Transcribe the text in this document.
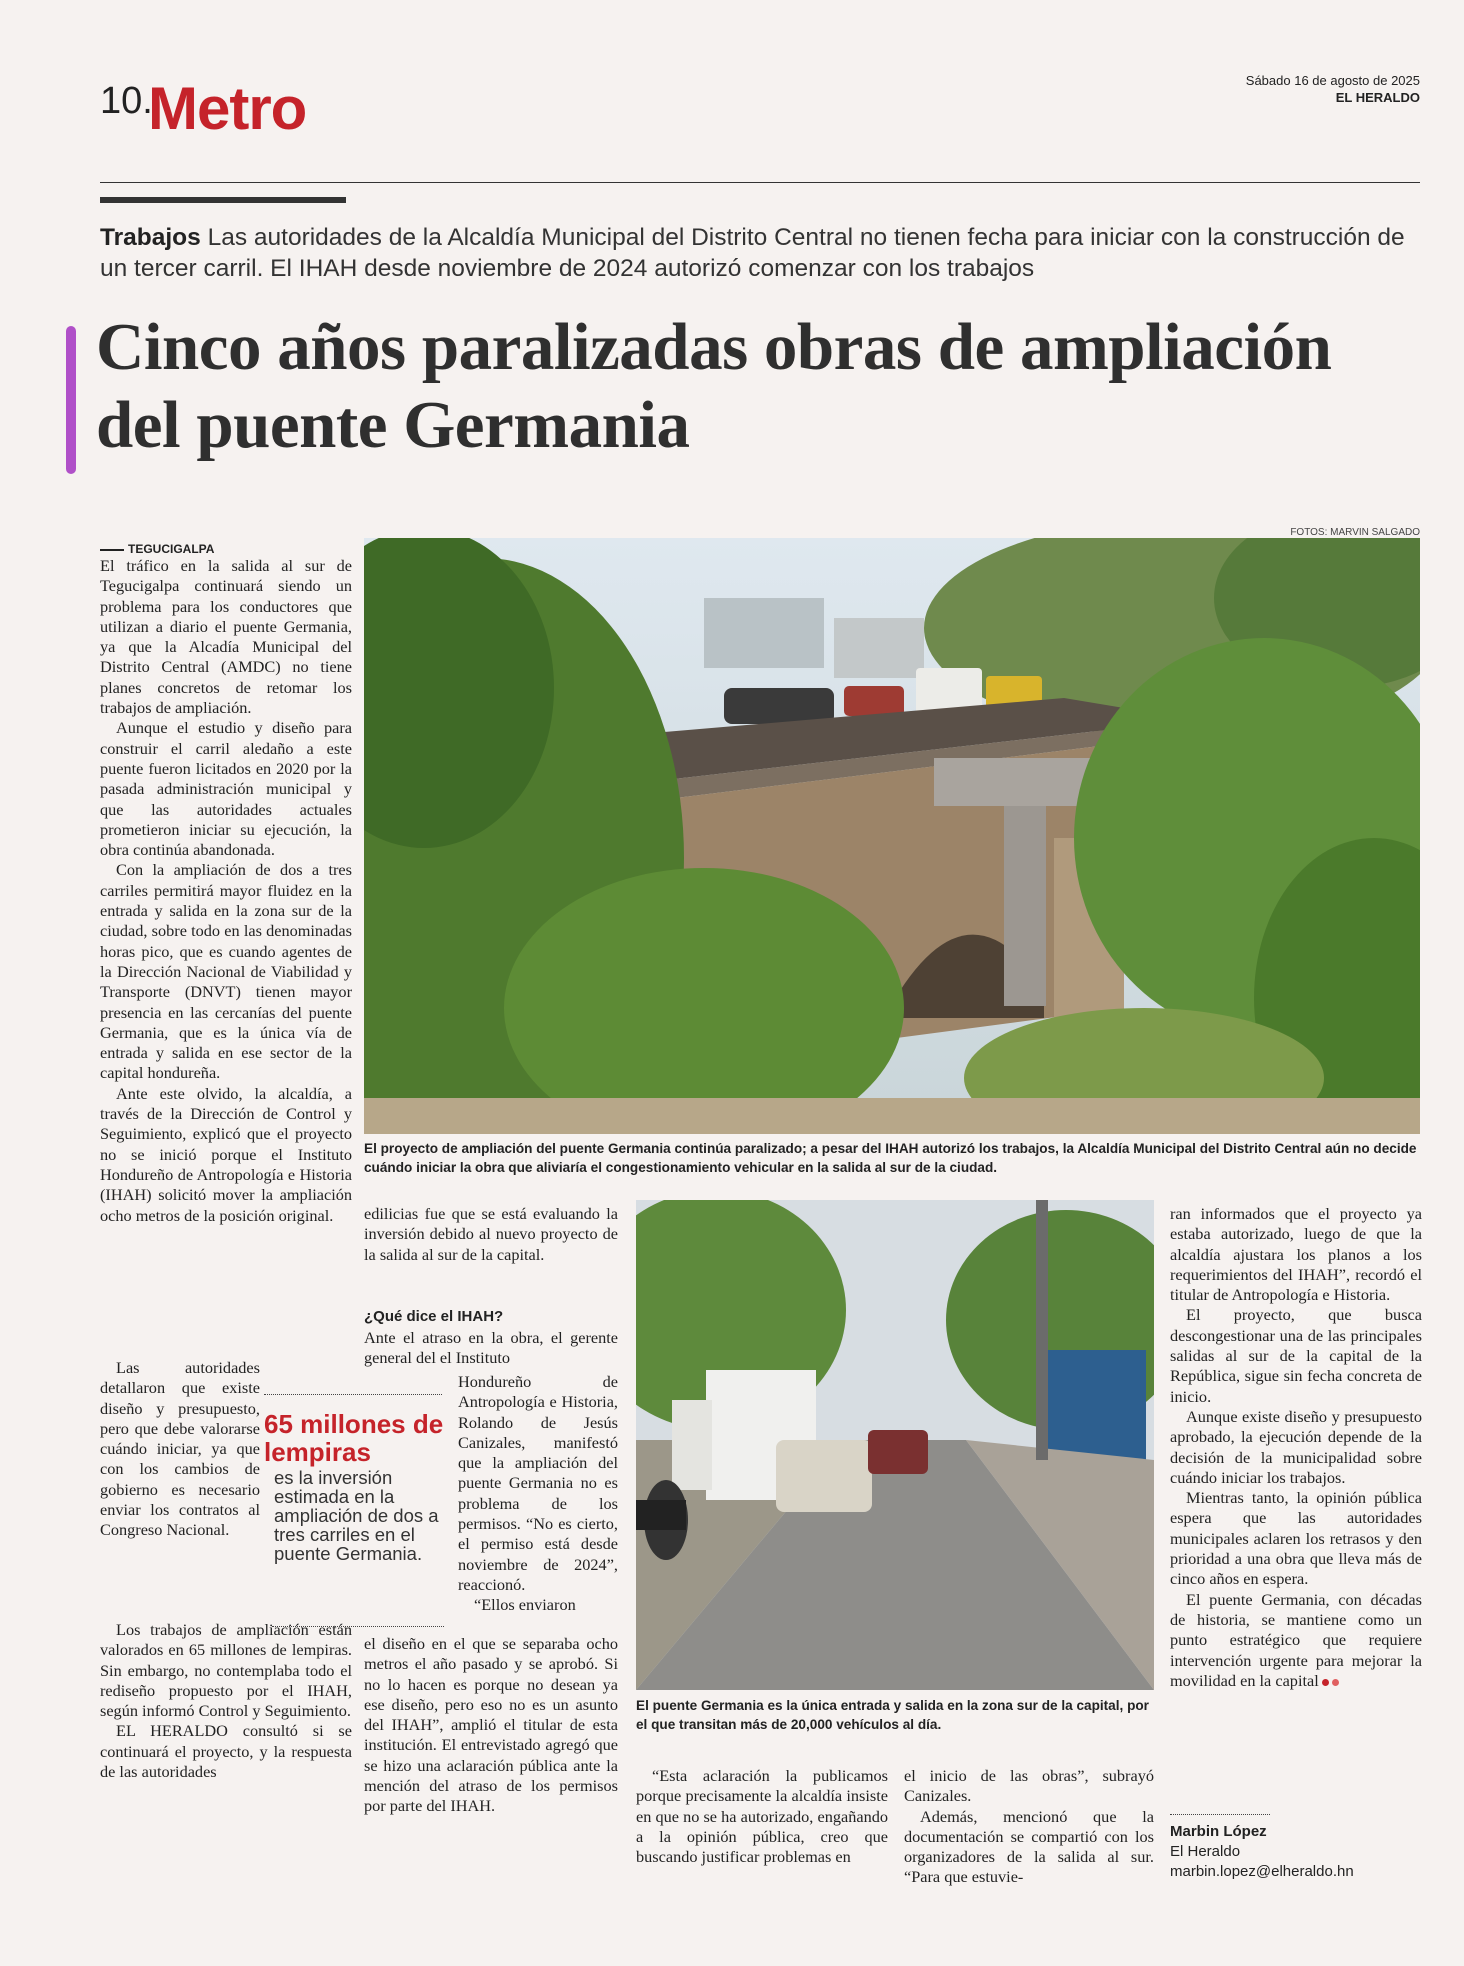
10.
Metro	Sábado 16 de agosto de 2025
EL HERALDO
Trabajos Las autoridades de la Alcaldía Municipal del Distrito Central no tienen fecha para iniciar con la construcción de un tercer carril. El IHAH desde noviembre de 2024 autorizó comenzar con los trabajos
Cinco años paralizadas obras de ampliación del puente Germania
FOTOS: MARVIN SALGADO
TEGUCIGALPA

El tráfico en la salida al sur de Tegucigalpa continuará siendo un problema para los conductores que utilizan a diario el puente Germania, ya que la Alcadía Municipal del Distrito Central (AMDC) no tiene planes concretos de retomar los trabajos de ampliación.

Aunque el estudio y diseño para construir el carril aledaño a este puente fueron licitados en 2020 por la pasada administración municipal y que las autoridades actuales prometieron iniciar su ejecución, la obra continúa abandonada.

Con la ampliación de dos a tres carriles permitirá mayor fluidez en la entrada y salida en la zona sur de la ciudad, sobre todo en las denominadas horas pico, que es cuando agentes de la Dirección Nacional de Viabilidad y Transporte (DNVT) tienen mayor presencia en las cercanías del puente Germania, que es la única vía de entrada y salida en ese sector de la capital hondureña.

Ante este olvido, la alcaldía, a través de la Dirección de Control y Seguimiento, explicó que el proyecto no se inició porque el Instituto Hondureño de Antropología e Historia (IHAH) solicitó mover la ampliación ocho metros de la posición original.

Las autoridades detallaron que existe diseño y presupuesto, pero que debe valorarse cuándo iniciar, ya que con los cambios de gobierno es necesario enviar los contratos al Congreso Nacional.

Los trabajos de ampliación están valorados en 65 millones de lempiras. Sin embargo, no contemplaba todo el rediseño propuesto por el IHAH, según informó Control y Seguimiento.

EL HERALDO consultó si se continuará el proyecto, y la respuesta de las autoridades

El proyecto de ampliación del puente Germania continúa paralizado; a pesar del IHAH autorizó los trabajos, la Alcaldía Municipal del Distrito Central aún no decide cuándo iniciar la obra que aliviaría el congestionamiento vehicular en la salida al sur de la ciudad.

edilicias fue que se está evaluando la inversión debido al nuevo proyecto de la salida al sur de la capital.

¿Qué dice el IHAH?

Ante el atraso en la obra, el gerente general del el Instituto

Hondureño de Antropología e Historia, Rolando de Jesús Canizales, manifestó que la ampliación del puente Germania no es problema de los permisos. “No es cierto, el permiso está desde noviembre de 2024”, reaccionó.

“Ellos enviaron

el diseño en el que se separaba ocho metros el año pasado y se aprobó. Si no lo hacen es porque no desean ya ese diseño, pero eso no es un asunto del IHAH”, amplió el titular de esta institución. El entrevistado agregó que se hizo una aclaración pública ante la mención del atraso de los permisos por parte del IHAH.

65 millones de lempiras
es la inversión estimada en la ampliación de dos a tres carriles en el puente Germania.
El puente Germania es la única entrada y salida en la zona sur de la capital, por el que transitan más de 20,000 vehículos al día.

“Esta aclaración la publicamos porque precisamente la alcaldía insiste en que no se ha autorizado, engañando a la opinión pública, creo que buscando justificar problemas en

el inicio de las obras”, subrayó Canizales.

Además, mencionó que la documentación se compartió con los organizadores de la salida al sur. “Para que estuvie-

ran informados que el proyecto ya estaba autorizado, luego de que la alcaldía ajustara los planos a los requerimientos del IHAH”, recordó el titular de Antropología e Historia.

El proyecto, que busca descongestionar una de las principales salidas al sur de la capital de la República, sigue sin fecha concreta de inicio.

Aunque existe diseño y presupuesto aprobado, la ejecución depende de la decisión de la municipalidad sobre cuándo iniciar los trabajos.

Mientras tanto, la opinión pública espera que las autoridades municipales aclaren los retrasos y den prioridad a una obra que lleva más de cinco años en espera.

El puente Germania, con décadas de historia, se mantiene como un punto estratégico que requiere intervención urgente para mejorar la movilidad en la capital

Marbin López
El Heraldo
marbin.lopez@elheraldo.hn
